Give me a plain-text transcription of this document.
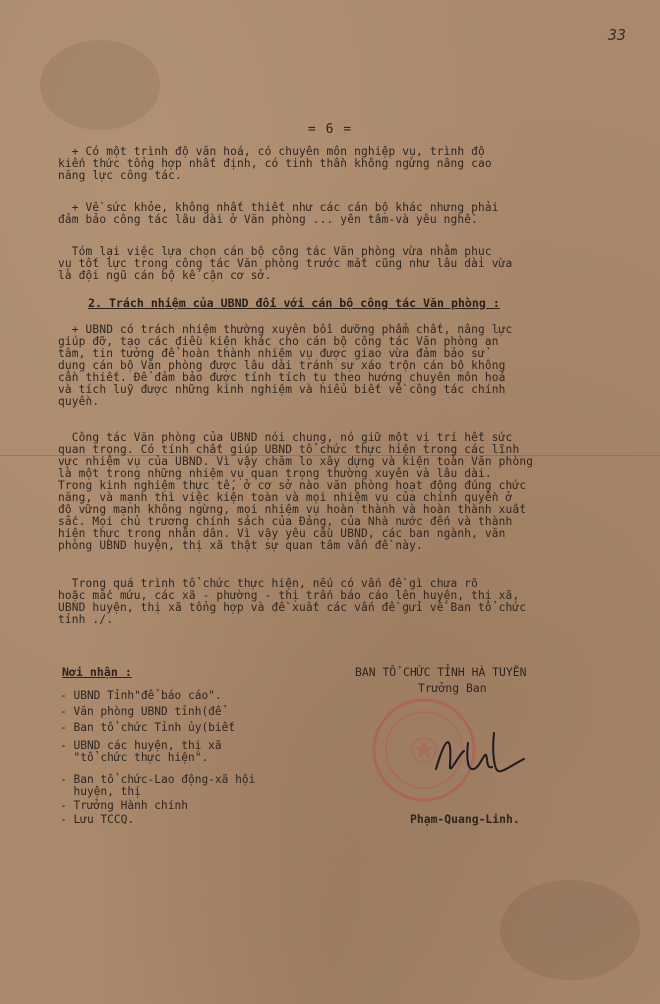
33
= 6 =
+ Có một trình độ văn hoá, có chuyên môn nghiệp vụ, trình độ
kiến thức tổng hợp nhất định, có tinh thần không ngừng nâng cao
năng lực công tác.
+ Về sức khỏe, không nhất thiết như các cán bộ khác nhưng phải
đảm bảo công tác lâu dài ở Văn phòng ... yên tâm-và yêu nghề.
Tóm lại việc lựa chọn cán bộ công tác Văn phòng vừa nhằm phục
vụ tốt lực trong công tác Văn phòng trước mắt cũng như lâu dài vừa
là đội ngũ cán bộ kế cận cơ sở.
2. Trách nhiệm của UBND đối với cán bộ công tác Văn phòng :
+ UBND có trách nhiệm thường xuyên bồi dưỡng phẩm chất, nâng lực
giúp đỡ, tạo các điều kiện khác cho cán bộ công tác Văn phòng an
tâm, tin tưởng để hoàn thành nhiệm vụ được giao vừa đảm bảo sử
dụng cán bộ Văn phòng được lâu dài tránh sự xáo trộn cán bộ không
cần thiết. Để đảm bảo được tính tích tụ theo hướng chuyên môn hoá
và tích luỹ được những kinh nghiệm và hiểu biết về công tác chính
quyền.
Công tác Văn phòng của UBND nói chung, nó giữ một vị trí hết sức
quan trọng. Có tính chất giúp UBND tổ chức thực hiện trong các lĩnh
vực nhiệm vụ của UBND. Vì vậy chăm lo xây dựng và kiện toàn Văn phòng
là một trong những nhiệm vụ quan trọng thường xuyên và lâu dài.
Trong kinh nghiệm thực tế, ở cơ sở nào văn phòng hoạt động đúng chức
năng, và mạnh thì việc kiện toàn và mọi nhiệm vụ của chính quyền ở
độ vững mạnh không ngừng, mọi nhiệm vụ hoàn thành và hoàn thành xuất
sắc. Mọi chủ trương chính sách của Đảng, của Nhà nước đến và thành
hiện thực trong nhân dân. Vì vậy yêu cầu UBND, các ban ngành, văn
phòng UBND huyện, thị xã thật sự quan tâm vấn đề này.
Trong quá trình tổ chức thực hiện, nếu có vấn đề gì chưa rõ
hoặc mắc mứu, các xã - phường - thị trấn báo cáo lên huyện, thị xã,
UBND huyện, thị xã tổng hợp và đề xuất các vấn đề gửi về Ban tổ chức
tỉnh ./.
Nơi nhận :
- UBND Tỉnh"để báo cáo".
- Văn phòng UBND tỉnh(để
- Ban tổ chức Tỉnh ủy(biết
- UBND các huyện, thị xã
"tổ chức thực hiện".
- Ban tổ chức-Lao động-xã hội
huyện, thị
- Trưởng Hành chính
- Lưu TCCQ.
BAN TỔ CHỨC TỈNH HÀ TUYÊN
Trưởng Ban
Phạm-Quang-Linh.
